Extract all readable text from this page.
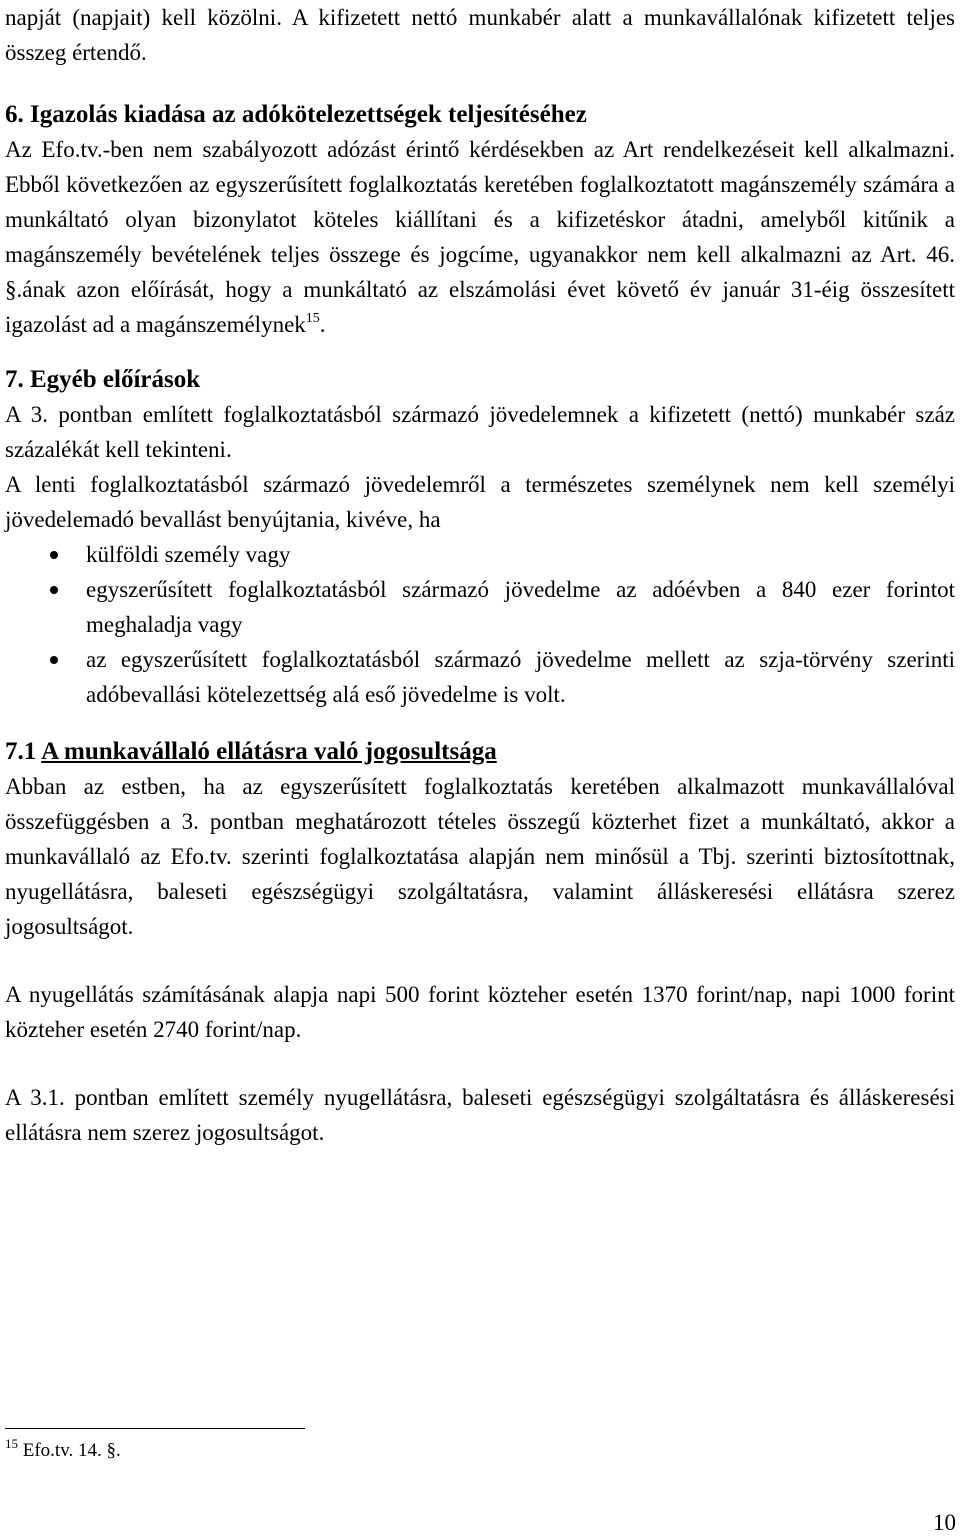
napját (napjait) kell közölni. A kifizetett nettó munkabér alatt a munkavállalónak kifizetett teljes összeg értendő.

6. Igazolás kiadása az adókötelezettségek teljesítéséhez

Az Efo.tv.-ben nem szabályozott adózást érintő kérdésekben az Art rendelkezéseit kell alkalmazni. Ebből következően az egyszerűsített foglalkoztatás keretében foglalkoztatott magánszemély számára a munkáltató olyan bizonylatot köteles kiállítani és a kifizetéskor átadni, amelyből kitűnik a magánszemély bevételének teljes összege és jogcíme, ugyanakkor nem kell alkalmazni az Art. 46. §.ának azon előírását, hogy a munkáltató az elszámolási évet követő év január 31-éig összesített igazolást ad a magánszemélynek$^{15}$.

7. Egyéb előírások

A 3. pontban említett foglalkoztatásból származó jövedelemnek a kifizetett (nettó) munkabér száz százalékát kell tekinteni.

A lenti foglalkoztatásból származó jövedelemről a természetes személynek nem kell személyi jövedelemadó bevallást benyújtania, kivéve, ha

külföldi személy vagy
egyszerűsített foglalkoztatásból származó jövedelme az adóévben a 840 ezer forintot meghaladja vagy
az egyszerűsített foglalkoztatásból származó jövedelme mellett az szja-törvény szerinti adóbevallási kötelezettség alá eső jövedelme is volt.
7.1 A munkavállaló ellátásra való jogosultsága

Abban az estben, ha az egyszerűsített foglalkoztatás keretében alkalmazott munkavállalóval összefüggésben a 3. pontban meghatározott tételes összegű közterhet fizet a munkáltató, akkor a munkavállaló az Efo.tv. szerinti foglalkoztatása alapján nem minősül a Tbj. szerinti biztosítottnak, nyugellátásra, baleseti egészségügyi szolgáltatásra, valamint álláskeresési ellátásra szerez jogosultságot.

A nyugellátás számításának alapja napi 500 forint közteher esetén 1370 forint/nap, napi 1000 forint közteher esetén 2740 forint/nap.

A 3.1. pontban említett személy nyugellátásra, baleseti egészségügyi szolgáltatásra és álláskeresési ellátásra nem szerez jogosultságot.

$^{15}$ Efo.tv. 14. §.
10
